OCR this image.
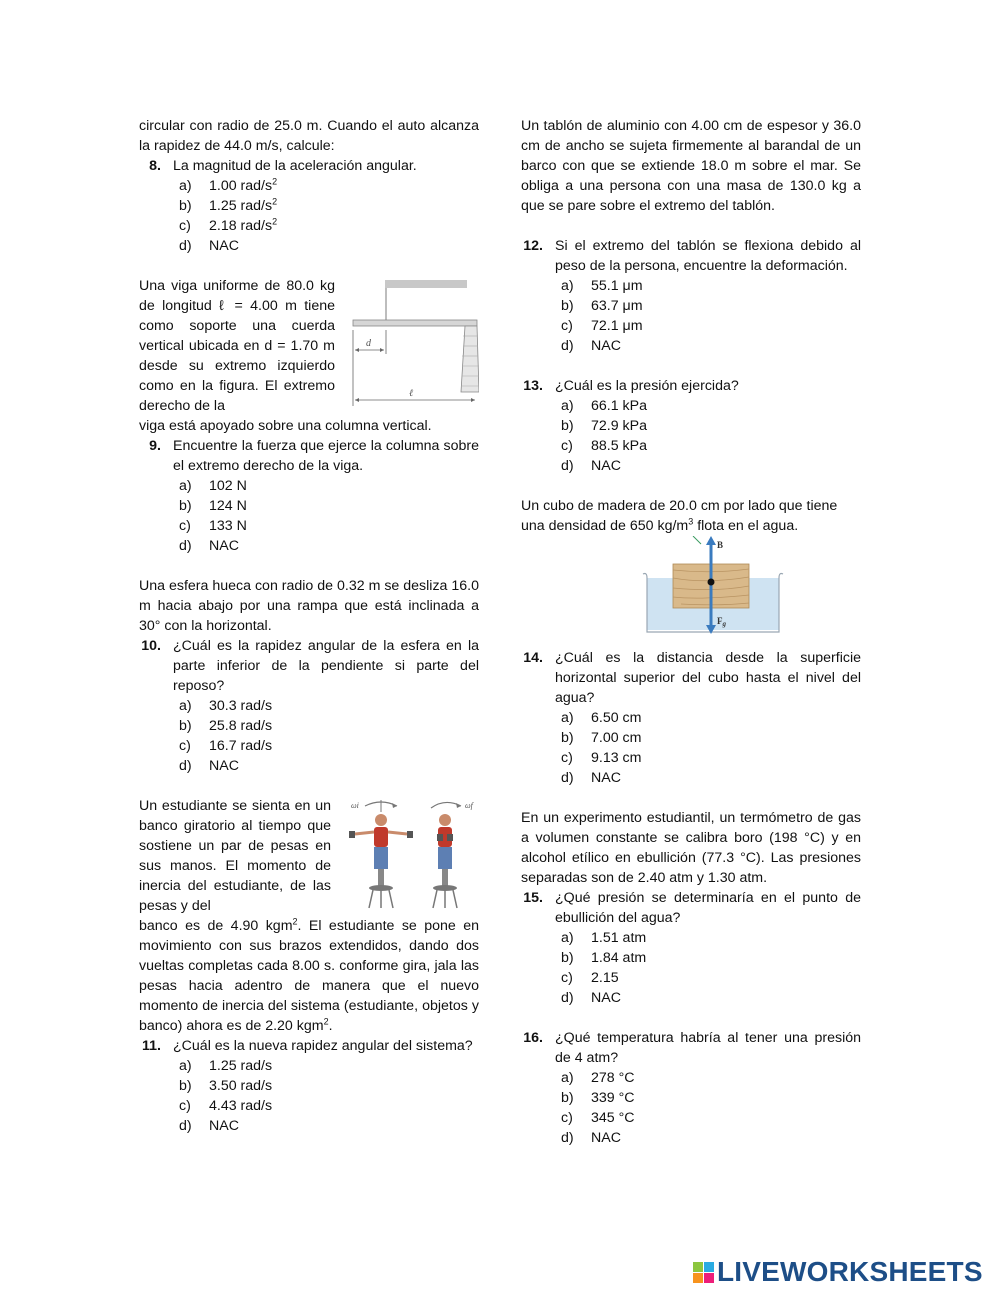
circular con radio de 25.0 m. Cuando el auto alcanza la rapidez de 44.0 m/s, calcule:

8. La magnitud de la aceleración angular.
a)	1.00 rad/$s^2$
b)	1.25 rad/$s^2$
c)	2.18 rad/$s^2$
d)	NAC
d
ℓ

Una viga uniforme de 80.0 kg de longitud ℓ = 4.00 m tiene como soporte una cuerda vertical ubicada en d = 1.70 m desde su extremo izquierdo como en la figura. El extremo derecho de la

viga está apoyado sobre una columna vertical.

9. Encuentre la fuerza que ejerce la columna sobre el extremo derecho de la viga.
a)	102 N
b)	124 N
c)	133 N
d)	NAC

Una esfera hueca con radio de 0.32 m se desliza 16.0 m hacia abajo por una rampa que está inclinada a 30° con la horizontal.

10. ¿Cuál es la rapidez angular de la esfera en la parte inferior de la pendiente si parte del reposo?
a)	30.3 rad/s
b)	25.8 rad/s
c)	16.7 rad/s
d)	NAC
ωi	ωf

Un estudiante se sienta en un banco giratorio al tiempo que sostiene un par de pesas en sus manos. El momento de inercia del estudiante, de las pesas y del

banco es de 4.90 kgm$^2$. El estudiante se pone en movimiento con sus brazos extendidos, dando dos vueltas completas cada 8.00 s. conforme gira, jala las pesas hacia adentro de manera que el nuevo momento de inercia del sistema (estudiante, objetos y banco) ahora es de 2.20 kgm$^2$.

11. ¿Cuál es la nueva rapidez angular del sistema?
a)	1.25 rad/s
b)	3.50 rad/s
c)	4.43 rad/s
d)	NAC

Un tablón de aluminio con 4.00 cm de espesor y 36.0 cm de ancho se sujeta firmemente al barandal de un barco con que se extiende 18.0 m sobre el mar. Se obliga a una persona con una masa de 130.0 kg a que se pare sobre el extremo del tablón.

12. Si el extremo del tablón se flexiona debido al peso de la persona, encuentre la deformación.
a)	55.1 μm
b)	63.7 μm
c)	72.1 μm
d)	NAC
13. ¿Cuál es la presión ejercida?
a)	66.1 kPa
b)	72.9 kPa
c)	88.5 kPa
d)	NAC

Un cubo de madera de 20.0 cm por lado que tiene una densidad de 650 $kg/m^3$ flota en el agua.

B
$F_g$
14. ¿Cuál es la distancia desde la superficie horizontal superior del cubo hasta el nivel del agua?
a)	6.50 cm
b)	7.00 cm
c)	9.13 cm
d)	NAC

En un experimento estudiantil, un termómetro de gas a volumen constante se calibra boro (198 °C) y en alcohol etílico en ebullición (77.3 °C). Las presiones separadas son de 2.40 atm y 1.30 atm.

15. ¿Qué presión se determinaría en el punto de ebullición del agua?
a)	1.51 atm
b)	1.84 atm
c)	2.15
d)	NAC
16. ¿Qué temperatura habría al tener una presión de 4 atm?
a)	278 °C
b)	339 °C
c)	345 °C
d)	NAC
LIVEWORKSHEETS
